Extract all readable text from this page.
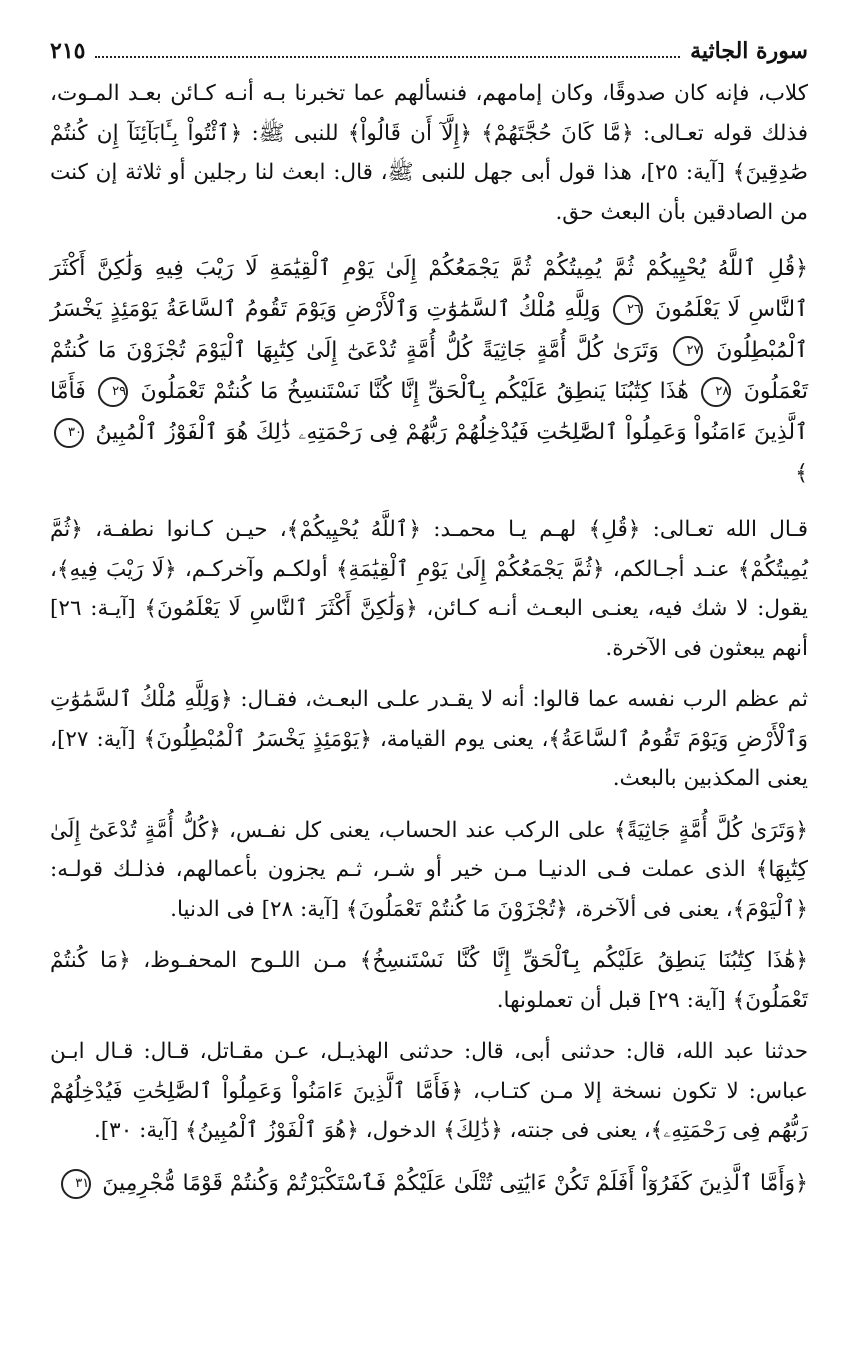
سورة الجاثية
٢١٥

كلاب، فإنه كان صدوقًا، وكان إمامهم، فنسألهم عما تخبرنا بـه أنـه كـائن بعـد المـوت، فذلك قوله تعـالى: ﴿مَّا كَانَ حُجَّتَهُمْ﴾ ﴿إِلَّآ أَن قَالُواْ﴾ للنبى ﷺ: ﴿ٱئْتُواْ بِـَٔابَآئِنَآ إِن كُنتُمْ صَٰدِقِينَ﴾ [آية: ٢٥]، هذا قول أبى جهل للنبى ﷺ، قال: ابعث لنا رجلين أو ثلاثة إن كنت من الصادقين بأن البعث حق.

﴿قُلِ ٱللَّهُ يُحْيِيكُمْ ثُمَّ يُمِيتُكُمْ ثُمَّ يَجْمَعُكُمْ إِلَىٰ يَوْمِ ٱلْقِيَٰمَةِ لَا رَيْبَ فِيهِ وَلَٰكِنَّ أَكْثَرَ ٱلنَّاسِ لَا يَعْلَمُونَ ٢٦ وَلِلَّهِ مُلْكُ ٱلسَّمَٰوَٰتِ وَٱلْأَرْضِ وَيَوْمَ تَقُومُ ٱلسَّاعَةُ يَوْمَئِذٍ يَخْسَرُ ٱلْمُبْطِلُونَ ٢٧ وَتَرَىٰ كُلَّ أُمَّةٍ جَاثِيَةً كُلُّ أُمَّةٍ تُدْعَىٰٓ إِلَىٰ كِتَٰبِهَا ٱلْيَوْمَ تُجْزَوْنَ مَا كُنتُمْ تَعْمَلُونَ ٢٨ هَٰذَا كِتَٰبُنَا يَنطِقُ عَلَيْكُم بِٱلْحَقِّ إِنَّا كُنَّا نَسْتَنسِخُ مَا كُنتُمْ تَعْمَلُونَ ٢٩ فَأَمَّا ٱلَّذِينَ ءَامَنُواْ وَعَمِلُواْ ٱلصَّٰلِحَٰتِ فَيُدْخِلُهُمْ رَبُّهُمْ فِى رَحْمَتِهِۦ ذَٰلِكَ هُوَ ٱلْفَوْزُ ٱلْمُبِينُ ٣٠ ﴾

قـال الله تعـالى: ﴿قُلِ﴾ لهـم يـا محمـد: ﴿ٱللَّهُ يُحْيِيكُمْ﴾، حيـن كـانوا نطفـة، ﴿ثُمَّ يُمِيتُكُمْ﴾ عنـد أجـالكم، ﴿ثُمَّ يَجْمَعُكُمْ إِلَىٰ يَوْمِ ٱلْقِيَٰمَةِ﴾ أولكـم وآخركـم، ﴿لَا رَيْبَ فِيهِ﴾، يقول: لا شك فيه، يعنـى البعـث أنـه كـائن، ﴿وَلَٰكِنَّ أَكْثَرَ ٱلنَّاسِ لَا يَعْلَمُونَ﴾ [آيـة: ٢٦] أنهم يبعثون فى الآخرة.

ثم عظم الرب نفسه عما قالوا: أنه لا يقـدر علـى البعـث، فقـال: ﴿وَلِلَّهِ مُلْكُ ٱلسَّمَٰوَٰتِ وَٱلْأَرْضِ وَيَوْمَ تَقُومُ ٱلسَّاعَةُ﴾، يعنى يوم القيامة، ﴿يَوْمَئِذٍ يَخْسَرُ ٱلْمُبْطِلُونَ﴾ [آية: ٢٧]، يعنى المكذبين بالبعث.

﴿وَتَرَىٰ كُلَّ أُمَّةٍ جَاثِيَةً﴾ على الركب عند الحساب، يعنى كل نفـس، ﴿كُلُّ أُمَّةٍ تُدْعَىٰٓ إِلَىٰ كِتَٰبِهَا﴾ الذى عملت فـى الدنيـا مـن خير أو شـر، ثـم يجزون بأعمالهم، فذلـك قولـه: ﴿ٱلْيَوْمَ﴾، يعنى فى ألآخرة، ﴿تُجْزَوْنَ مَا كُنتُمْ تَعْمَلُونَ﴾ [آية: ٢٨] فى الدنيا.

﴿هَٰذَا كِتَٰبُنَا يَنطِقُ عَلَيْكُم بِٱلْحَقِّ إِنَّا كُنَّا نَسْتَنسِخُ﴾ مـن اللـوح المحفـوظ، ﴿مَا كُنتُمْ تَعْمَلُونَ﴾ [آية: ٢٩] قبل أن تعملونها.

حدثنا عبد الله، قال: حدثنى أبى، قال: حدثنى الهذيـل، عـن مقـاتل، قـال: قـال ابـن عباس: لا تكون نسخة إلا مـن كتـاب، ﴿فَأَمَّا ٱلَّذِينَ ءَامَنُواْ وَعَمِلُواْ ٱلصَّٰلِحَٰتِ فَيُدْخِلُهُمْ رَبُّهُم فِى رَحْمَتِهِۦ﴾، يعنى فى جنته، ﴿ذَٰلِكَ﴾ الدخول، ﴿هُوَ ٱلْفَوْزُ ٱلْمُبِينُ﴾ [آية: ٣٠].

﴿وَأَمَّا ٱلَّذِينَ كَفَرُوٓاْ أَفَلَمْ تَكُنْ ءَايَٰتِى تُتْلَىٰ عَلَيْكُمْ فَٱسْتَكْبَرْتُمْ وَكُنتُمْ قَوْمًا مُّجْرِمِينَ ٣١
